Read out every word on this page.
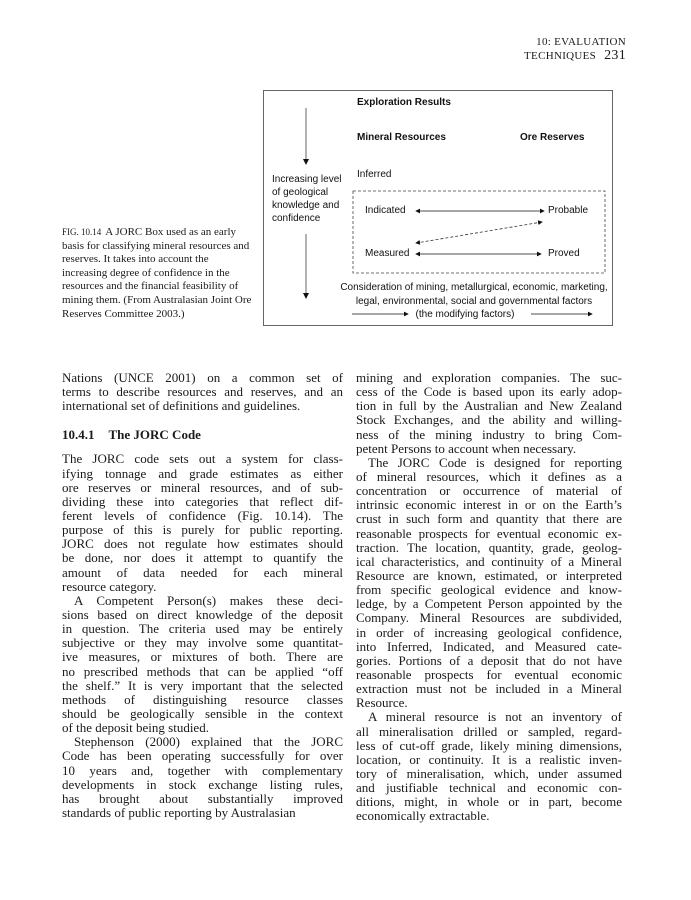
10: EVALUATION TECHNIQUES 231
Exploration Results
Mineral Resources	Ore Reserves
Increasing level
of geological
knowledge and
confidence
Inferred
Indicated	Probable
Measured	Proved
Consideration of mining, metallurgical, economic, marketing,
legal, environmental, social and governmental factors
(the modifying factors)
FIG. 10.14 A JORC Box used as an early basis for classifying mineral resources and reserves. It takes into account the increasing degree of confidence in the resources and the financial feasibility of mining them. (From Australasian Joint Ore Reserves Committee 2003.)
Nations (UNCE 2001) on a common set of
terms to describe resources and reserves, and an
international set of definitions and guidelines.
10.4.1 The JORC Code
The JORC code sets out a system for class-
ifying tonnage and grade estimates as either
ore reserves or mineral resources, and of sub-
dividing these into categories that reflect dif-
ferent levels of confidence (Fig. 10.14). The
purpose of this is purely for public reporting.
JORC does not regulate how estimates should
be done, nor does it attempt to quantify the
amount of data needed for each mineral
resource category.
A Competent Person(s) makes these deci-
sions based on direct knowledge of the deposit
in question. The criteria used may be entirely
subjective or they may involve some quantitat-
ive measures, or mixtures of both. There are
no prescribed methods that can be applied “off
the shelf.” It is very important that the selected
methods of distinguishing resource classes
should be geologically sensible in the context
of the deposit being studied.
Stephenson (2000) explained that the JORC
Code has been operating successfully for over
10 years and, together with complementary
developments in stock exchange listing rules,
has brought about substantially improved
standards of public reporting by Australasian
mining and exploration companies. The suc-
cess of the Code is based upon its early adop-
tion in full by the Australian and New Zealand
Stock Exchanges, and the ability and willing-
ness of the mining industry to bring Com-
petent Persons to account when necessary.
The JORC Code is designed for reporting
of mineral resources, which it defines as a
concentration or occurrence of material of
intrinsic economic interest in or on the Earth’s
crust in such form and quantity that there are
reasonable prospects for eventual economic ex-
traction. The location, quantity, grade, geolog-
ical characteristics, and continuity of a Mineral
Resource are known, estimated, or interpreted
from specific geological evidence and know-
ledge, by a Competent Person appointed by the
Company. Mineral Resources are subdivided,
in order of increasing geological confidence,
into Inferred, Indicated, and Measured cate-
gories. Portions of a deposit that do not have
reasonable prospects for eventual economic
extraction must not be included in a Mineral
Resource.
A mineral resource is not an inventory of
all mineralisation drilled or sampled, regard-
less of cut-off grade, likely mining dimensions,
location, or continuity. It is a realistic inven-
tory of mineralisation, which, under assumed
and justifiable technical and economic con-
ditions, might, in whole or in part, become
economically extractable.
